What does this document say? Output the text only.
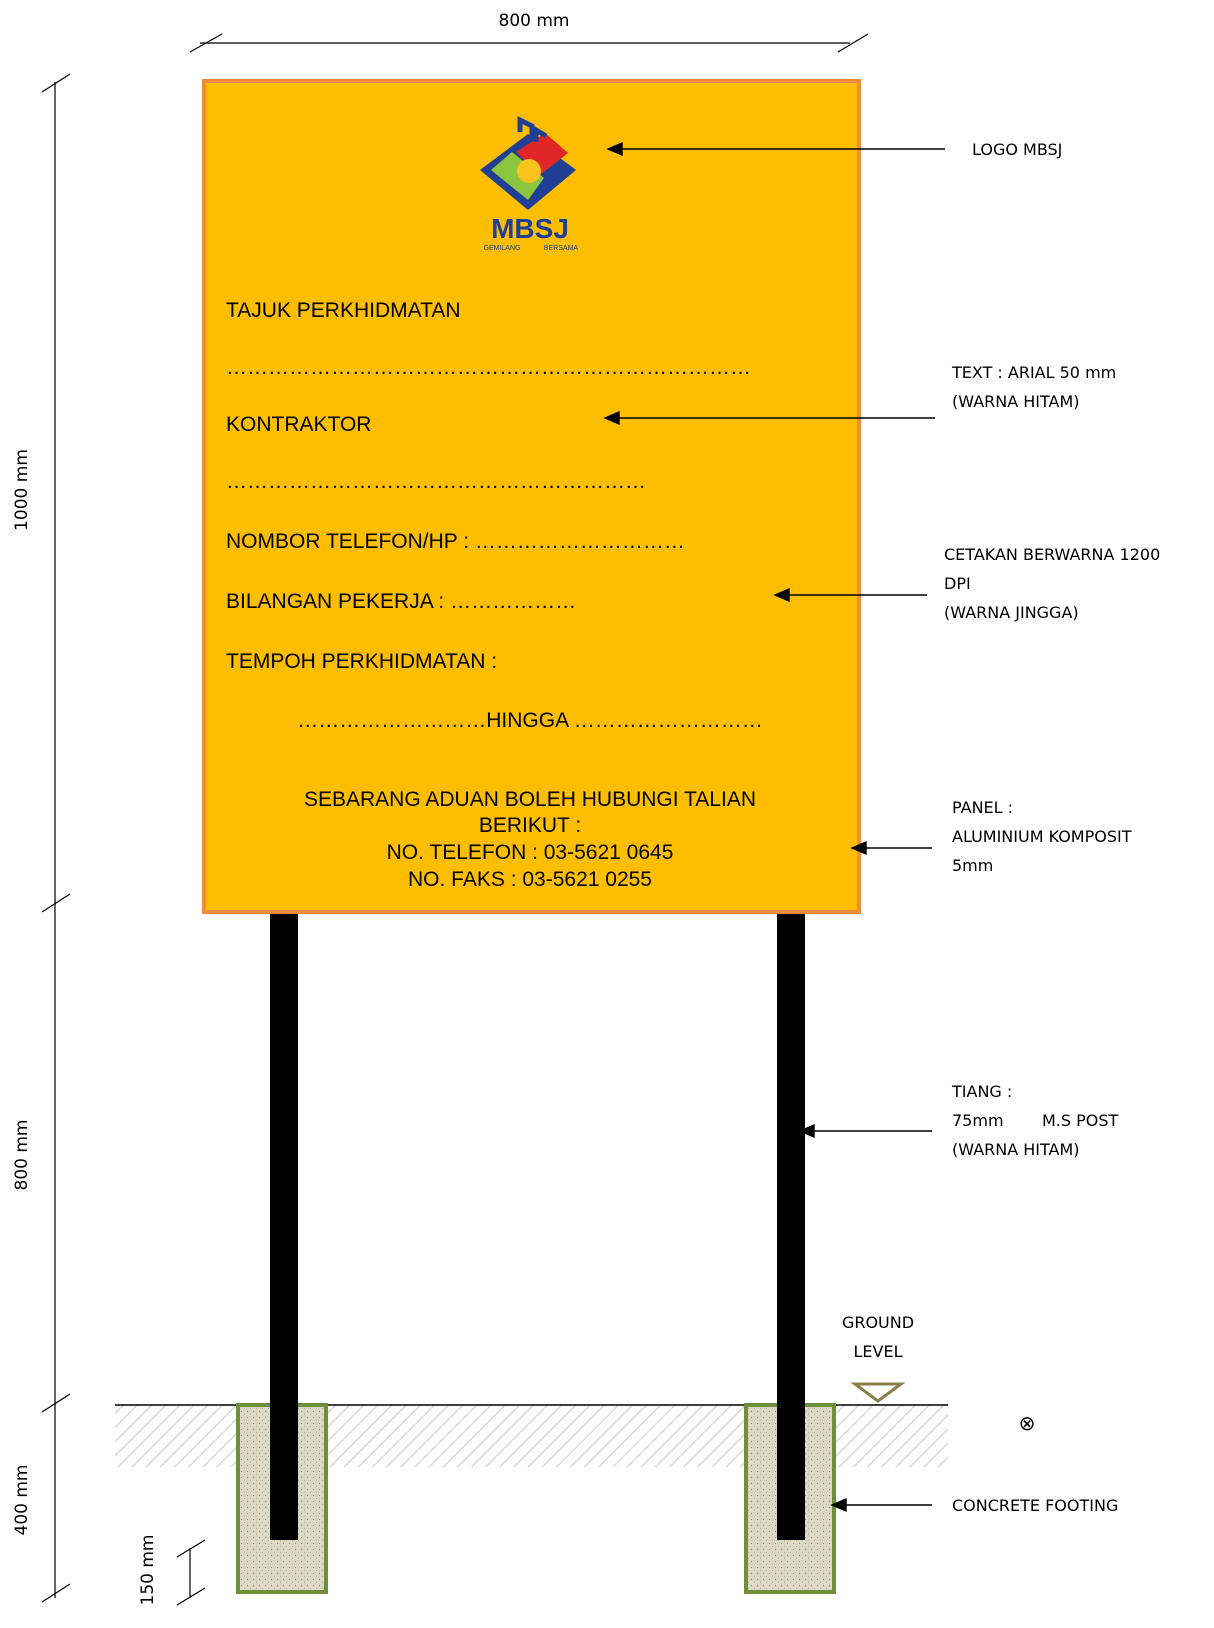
800 mm
1000 mm
800 mm
400 mm
150 mm
MBSJ
GEMILANG	BERSAMA
TAJUK PERKHIDMATAN
…………………………………………………………………
KONTRAKTOR
……………………………………………………
NOMBOR TELEFON/HP : …………………………
BILANGAN PEKERJA : ………………
TEMPOH PERKHIDMATAN :
………………………HINGGA ………………………
SEBARANG ADUAN BOLEH HUBUNGI TALIAN
BERIKUT :
NO. TELEFON : 03-5621 0645
NO. FAKS : 03-5621 0255
LOGO MBSJ
TEXT : ARIAL 50 mm
(WARNA HITAM)
CETAKAN BERWARNA 1200
DPI
(WARNA JINGGA)
PANEL :
ALUMINIUM KOMPOSIT
5mm
TIANG :
75mm M.S POST
(WARNA HITAM)
GROUND
LEVEL
CONCRETE FOOTING
⊗
